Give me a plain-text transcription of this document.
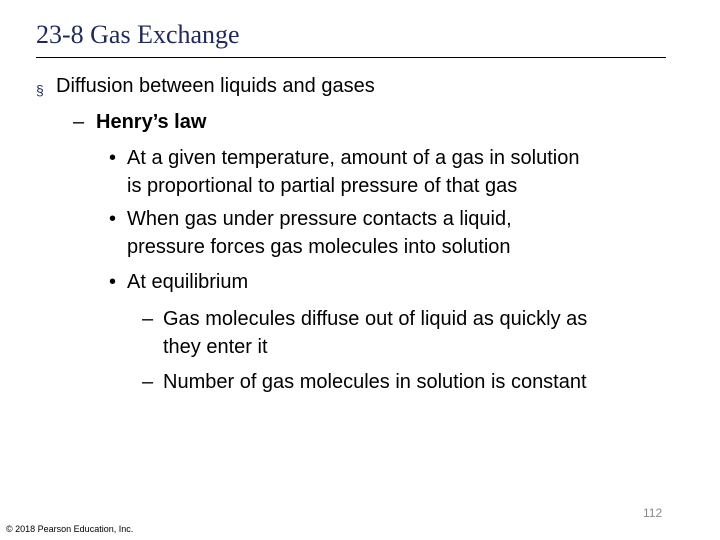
23-8 Gas Exchange
§ Diffusion between liquids and gases
– Henry’s law
• At a given temperature, amount of a gas in solution
is proportional to partial pressure of that gas
• When gas under pressure contacts a liquid,
pressure forces gas molecules into solution
• At equilibrium
– Gas molecules diffuse out of liquid as quickly as
they enter it
– Number of gas molecules in solution is constant
112
© 2018 Pearson Education, Inc.
